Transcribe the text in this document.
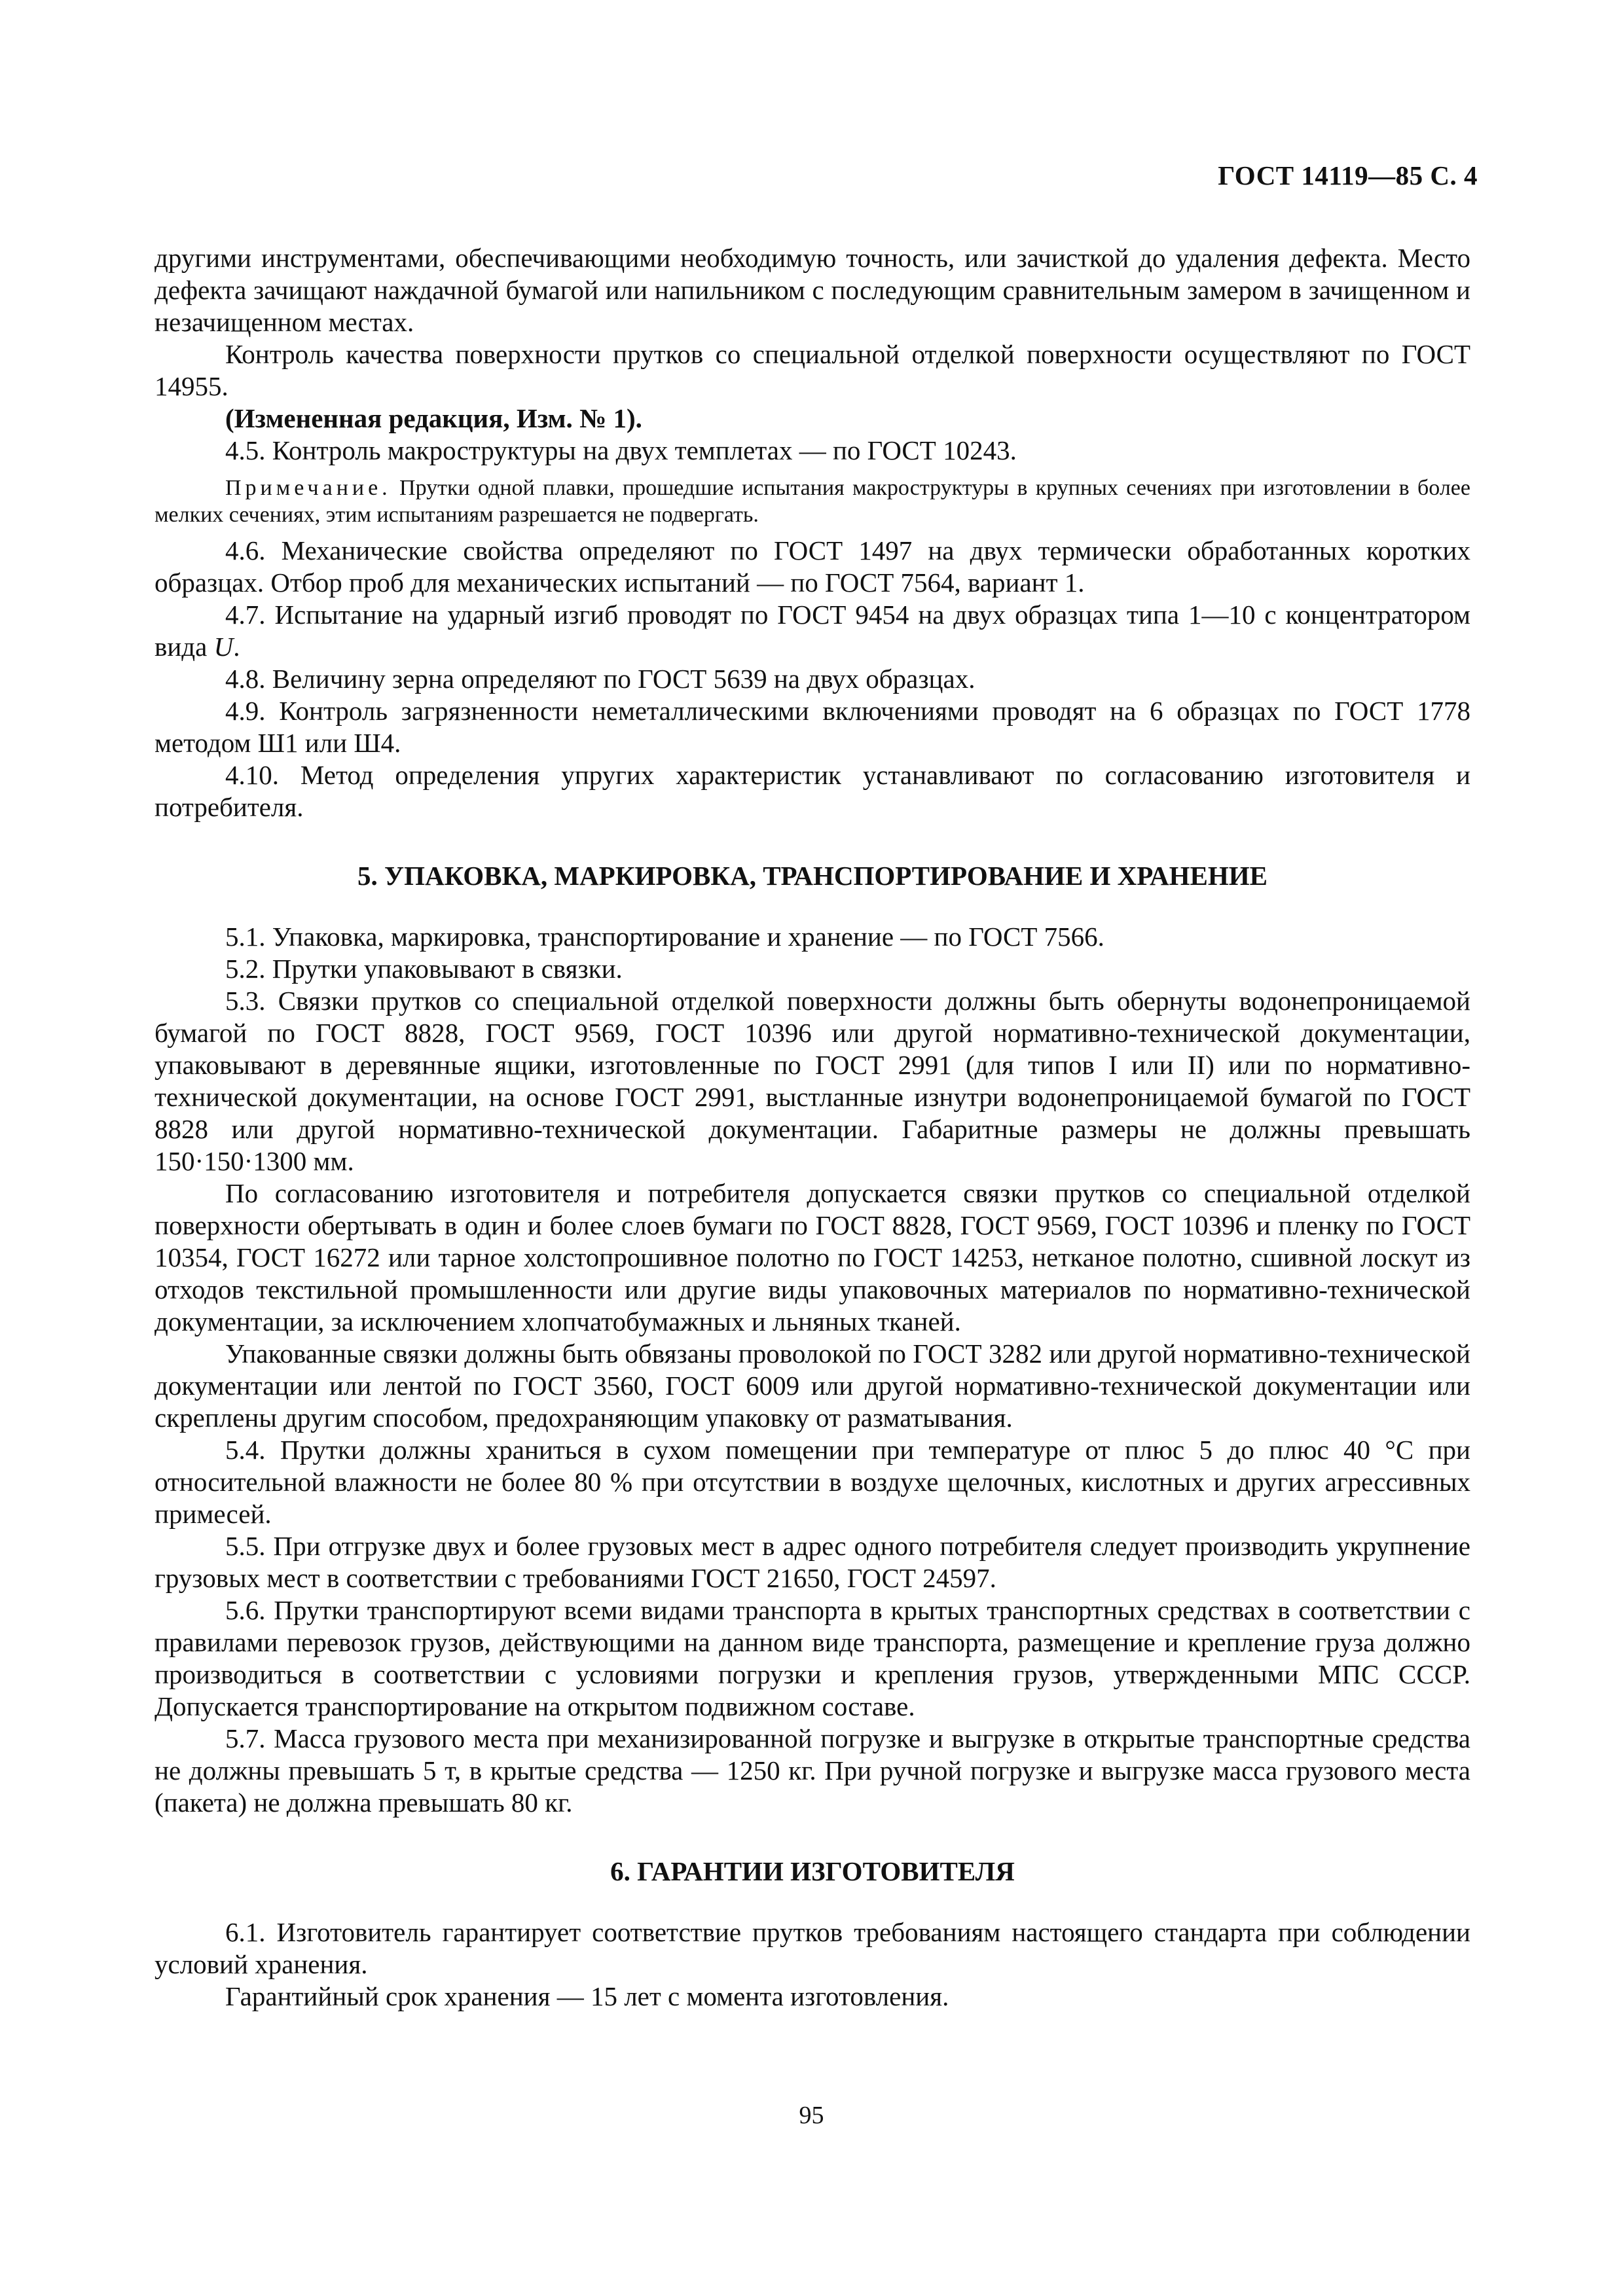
ГОСТ 14119—85 С. 4

другими инструментами, обеспечивающими необходимую точность, или зачисткой до удаления дефекта. Место дефекта зачищают наждачной бумагой или напильником с последующим сравнительным замером в зачищенном и незачищенном местах.

Контроль качества поверхности прутков со специальной отделкой поверхности осуществляют по ГОСТ 14955.

(Измененная редакция, Изм. № 1).

4.5. Контроль макроструктуры на двух темплетах — по ГОСТ 10243.

Примечание. Прутки одной плавки, прошедшие испытания макроструктуры в крупных сечениях при изготовлении в более мелких сечениях, этим испытаниям разрешается не подвергать.

4.6. Механические свойства определяют по ГОСТ 1497 на двух термически обработанных коротких образцах. Отбор проб для механических испытаний — по ГОСТ 7564, вариант 1.

4.7. Испытание на ударный изгиб проводят по ГОСТ 9454 на двух образцах типа 1—10 с концентратором вида U.

4.8. Величину зерна определяют по ГОСТ 5639 на двух образцах.

4.9. Контроль загрязненности неметаллическими включениями проводят на 6 образцах по ГОСТ 1778 методом Ш1 или Ш4.

4.10. Метод определения упругих характеристик устанавливают по согласованию изготовителя и потребителя.

5. УПАКОВКА, МАРКИРОВКА, ТРАНСПОРТИРОВАНИЕ И ХРАНЕНИЕ

5.1. Упаковка, маркировка, транспортирование и хранение — по ГОСТ 7566.

5.2. Прутки упаковывают в связки.

5.3. Связки прутков со специальной отделкой поверхности должны быть обернуты водонепроницаемой бумагой по ГОСТ 8828, ГОСТ 9569, ГОСТ 10396 или другой нормативно-технической документации, упаковывают в деревянные ящики, изготовленные по ГОСТ 2991 (для типов I или II) или по нормативно-технической документации, на основе ГОСТ 2991, выстланные изнутри водонепроницаемой бумагой по ГОСТ 8828 или другой нормативно-технической документации. Габаритные размеры не должны превышать 150·150·1300 мм.

По согласованию изготовителя и потребителя допускается связки прутков со специальной отделкой поверхности обертывать в один и более слоев бумаги по ГОСТ 8828, ГОСТ 9569, ГОСТ 10396 и пленку по ГОСТ 10354, ГОСТ 16272 или тарное холстопрошивное полотно по ГОСТ 14253, нетканое полотно, сшивной лоскут из отходов текстильной промышленности или другие виды упаковочных материалов по нормативно-технической документации, за исключением хлопчатобумажных и льняных тканей.

Упакованные связки должны быть обвязаны проволокой по ГОСТ 3282 или другой нормативно-технической документации или лентой по ГОСТ 3560, ГОСТ 6009 или другой нормативно-технической документации или скреплены другим способом, предохраняющим упаковку от разматывания.

5.4. Прутки должны храниться в сухом помещении при температуре от плюс 5 до плюс 40 °С при относительной влажности не более 80 % при отсутствии в воздухе щелочных, кислотных и других агрессивных примесей.

5.5. При отгрузке двух и более грузовых мест в адрес одного потребителя следует производить укрупнение грузовых мест в соответствии с требованиями ГОСТ 21650, ГОСТ 24597.

5.6. Прутки транспортируют всеми видами транспорта в крытых транспортных средствах в соответствии с правилами перевозок грузов, действующими на данном виде транспорта, размещение и крепление груза должно производиться в соответствии с условиями погрузки и крепления грузов, утвержденными МПС СССР. Допускается транспортирование на открытом подвижном составе.

5.7. Масса грузового места при механизированной погрузке и выгрузке в открытые транспортные средства не должны превышать 5 т, в крытые средства — 1250 кг. При ручной погрузке и выгрузке масса грузового места (пакета) не должна превышать 80 кг.

6. ГАРАНТИИ ИЗГОТОВИТЕЛЯ

6.1. Изготовитель гарантирует соответствие прутков требованиям настоящего стандарта при соблюдении условий хранения.

Гарантийный срок хранения — 15 лет с момента изготовления.

95
